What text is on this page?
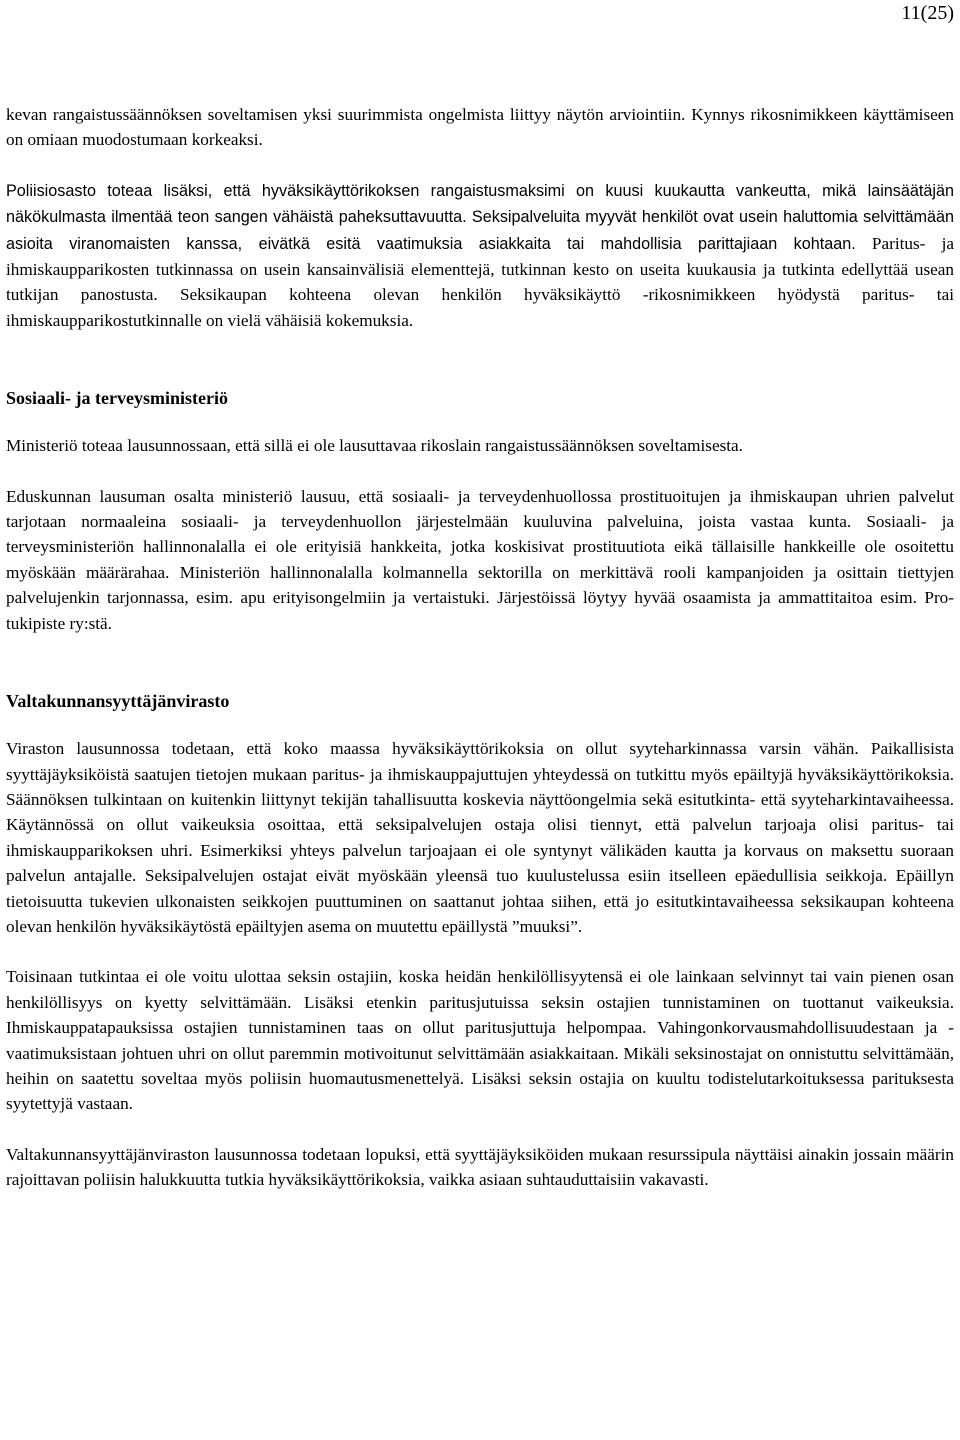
11(25)

kevan rangaistussäännöksen soveltamisen yksi suurimmista ongelmista liittyy näytön arviointiin. Kynnys rikosnimikkeen käyttämiseen on omiaan muodostumaan korkeaksi.

Poliisiosasto toteaa lisäksi, että hyväksikäyttörikoksen rangaistusmaksimi on kuusi kuukautta vankeutta, mikä lainsäätäjän näkökulmasta ilmentää teon sangen vähäistä paheksuttavuutta. Seksipalveluita myyvät henkilöt ovat usein haluttomia selvittämään asioita viranomaisten kanssa, eivätkä esitä vaatimuksia asiakkaita tai mahdollisia parittajiaan kohtaan. Paritus- ja ihmiskaupparikosten tutkinnassa on usein kansainvälisiä elementtejä, tutkinnan kesto on useita kuukausia ja tutkinta edellyttää usean tutkijan panostusta. Seksikaupan kohteena olevan henkilön hyväksikäyttö -rikosnimikkeen hyödystä paritus- tai ihmiskaupparikostutkinnalle on vielä vähäisiä kokemuksia.

Sosiaali- ja terveysministeriö

Ministeriö toteaa lausunnossaan, että sillä ei ole lausuttavaa rikoslain rangaistussäännöksen soveltamisesta.

Eduskunnan lausuman osalta ministeriö lausuu, että sosiaali- ja terveydenhuollossa prostituoitujen ja ihmiskaupan uhrien palvelut tarjotaan normaaleina sosiaali- ja terveydenhuollon järjestelmään kuuluvina palveluina, joista vastaa kunta. Sosiaali- ja terveysministeriön hallinnonalalla ei ole erityisiä hankkeita, jotka koskisivat prostituutiota eikä tällaisille hankkeille ole osoitettu myöskään määrärahaa. Ministeriön hallinnonalalla kolmannella sektorilla on merkittävä rooli kampanjoiden ja osittain tiettyjen palvelujenkin tarjonnassa, esim. apu erityisongelmiin ja vertaistuki. Järjestöissä löytyy hyvää osaamista ja ammattitaitoa esim. Pro-tukipiste ry:stä.

Valtakunnansyyttäjänvirasto

Viraston lausunnossa todetaan, että koko maassa hyväksikäyttörikoksia on ollut syyteharkinnassa varsin vähän. Paikallisista syyttäjäyksiköistä saatujen tietojen mukaan paritus- ja ihmiskauppajuttujen yhteydessä on tutkittu myös epäiltyjä hyväksikäyttörikoksia. Säännöksen tulkintaan on kuitenkin liittynyt tekijän tahallisuutta koskevia näyttöongelmia sekä esitutkinta- että syyteharkintavaiheessa. Käytännössä on ollut vaikeuksia osoittaa, että seksipalvelujen ostaja olisi tiennyt, että palvelun tarjoaja olisi paritus- tai ihmiskaupparikoksen uhri. Esimerkiksi yhteys palvelun tarjoajaan ei ole syntynyt välikäden kautta ja korvaus on maksettu suoraan palvelun antajalle. Seksipalvelujen ostajat eivät myöskään yleensä tuo kuulustelussa esiin itselleen epäedullisia seikkoja. Epäillyn tietoisuutta tukevien ulkonaisten seikkojen puuttuminen on saattanut johtaa siihen, että jo esitutkintavaiheessa seksikaupan kohteena olevan henkilön hyväksikäytöstä epäiltyjen asema on muutettu epäillystä ”muuksi”.

Toisinaan tutkintaa ei ole voitu ulottaa seksin ostajiin, koska heidän henkilöllisyytensä ei ole lainkaan selvinnyt tai vain pienen osan henkilöllisyys on kyetty selvittämään. Lisäksi etenkin paritusjutuissa seksin ostajien tunnistaminen on tuottanut vaikeuksia. Ihmiskauppatapauksissa ostajien tunnistaminen taas on ollut paritusjuttuja helpompaa. Vahingonkorvausmahdollisuudestaan ja -vaatimuksistaan johtuen uhri on ollut paremmin motivoitunut selvittämään asiakkaitaan. Mikäli seksinostajat on onnistuttu selvittämään, heihin on saatettu soveltaa myös poliisin huomautusmenettelyä. Lisäksi seksin ostajia on kuultu todistelutarkoituksessa parituksesta syytettyjä vastaan.

Valtakunnansyyttäjänviraston lausunnossa todetaan lopuksi, että syyttäjäyksiköiden mukaan resurssipula näyttäisi ainakin jossain määrin rajoittavan poliisin halukkuutta tutkia hyväksikäyttörikoksia, vaikka asiaan suhtauduttaisiin vakavasti.
